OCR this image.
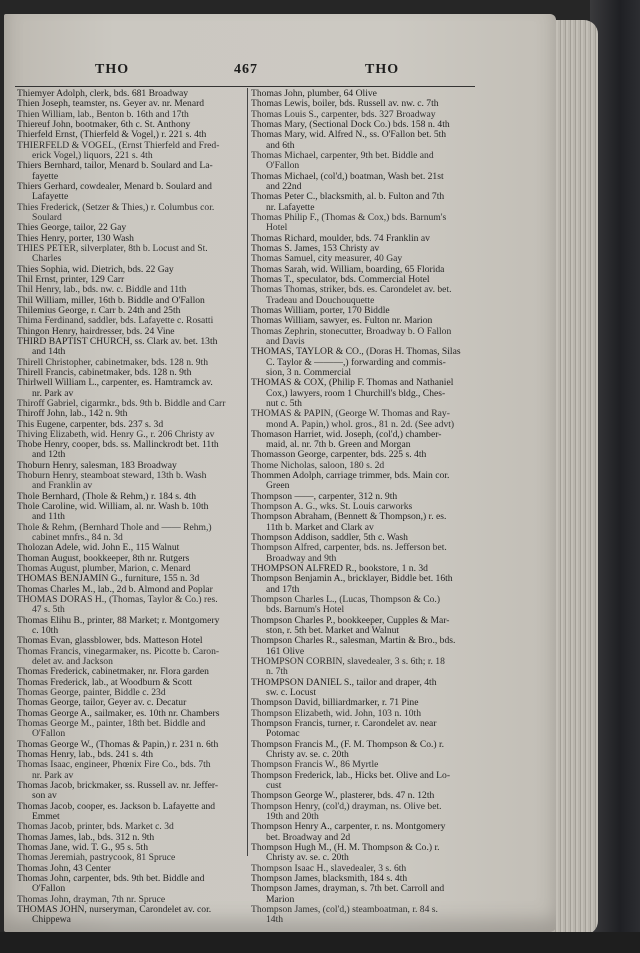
THO	467	THO
Thiemyer Adolph, clerk, bds. 681 Broadway
Thien Joseph, teamster, ns. Geyer av. nr. Menard
Thien William, lab., Benton b. 16th and 17th
Thiereuf John, bootmaker, 6th c. St. Anthony
Thierfeld Ernst, (Thierfeld & Vogel,) r. 221 s. 4th
THIERFELD & VOGEL, (Ernst Thierfeld and Fred-
erick Vogel,) liquors, 221 s. 4th
Thiers Bernhard, tailor, Menard b. Soulard and La-
fayette
Thiers Gerhard, cowdealer, Menard b. Soulard and
Lafayette
Thies Frederick, (Setzer & Thies,) r. Columbus cor.
Soulard
Thies George, tailor, 22 Gay
Thies Henry, porter, 130 Wash
THIES PETER, silverplater, 8th b. Locust and St.
Charles
Thies Sophia, wid. Dietrich, bds. 22 Gay
Thil Ernst, printer, 129 Carr
Thil Henry, lab., bds. nw. c. Biddle and 11th
Thil William, miller, 16th b. Biddle and O'Fallon
Thilemius George, r. Carr b. 24th and 25th
Thima Ferdinand, saddler, bds. Lafayette c. Rosatti
Thingon Henry, hairdresser, bds. 24 Vine
THIRD BAPTIST CHURCH, ss. Clark av. bet. 13th
and 14th
Thirell Christopher, cabinetmaker, bds. 128 n. 9th
Thirell Francis, cabinetmaker, bds. 128 n. 9th
Thirlwell William L., carpenter, es. Hamtramck av.
nr. Park av
Thiroff Gabriel, cigarmkr., bds. 9th b. Biddle and Carr
Thiroff John, lab., 142 n. 9th
This Eugene, carpenter, bds. 237 s. 3d
Thiving Elizabeth, wid. Henry G., r. 206 Christy av
Thobe Henry, cooper, bds. ss. Mallinckrodt bet. 11th
and 12th
Thoburn Henry, salesman, 183 Broadway
Thoburn Henry, steamboat steward, 13th b. Wash
and Franklin av
Thole Bernhard, (Thole & Rehm,) r. 184 s. 4th
Thole Caroline, wid. William, al. nr. Wash b. 10th
and 11th
Thole & Rehm, (Bernhard Thole and —— Rehm,)
cabinet mnfrs., 84 n. 3d
Tholozan Adele, wid. John E., 115 Walnut
Thoman August, bookkeeper, 8th nr. Rutgers
Thomas August, plumber, Marion, c. Menard
THOMAS BENJAMIN G., furniture, 155 n. 3d
Thomas Charles M., lab., 2d b. Almond and Poplar
THOMAS DORAS H., (Thomas, Taylor & Co.) res.
47 s. 5th
Thomas Elihu B., printer, 88 Market; r. Montgomery
c. 10th
Thomas Evan, glassblower, bds. Matteson Hotel
Thomas Francis, vinegarmaker, ns. Picotte b. Caron-
delet av. and Jackson
Thomas Frederick, cabinetmaker, nr. Flora garden
Thomas Frederick, lab., at Woodburn & Scott
Thomas George, painter, Biddle c. 23d
Thomas George, tailor, Geyer av. c. Decatur
Thomas George A., sailmaker, es. 10th nr. Chambers
Thomas George M., painter, 18th bet. Biddle and
O'Fallon
Thomas George W., (Thomas & Papin,) r. 231 n. 6th
Thomas Henry, lab., bds. 241 s. 4th
Thomas Isaac, engineer, Phœnix Fire Co., bds. 7th
nr. Park av
Thomas Jacob, brickmaker, ss. Russell av. nr. Jeffer-
son av
Thomas Jacob, cooper, es. Jackson b. Lafayette and
Emmet
Thomas Jacob, printer, bds. Market c. 3d
Thomas James, lab., bds. 312 n. 9th
Thomas Jane, wid. T. G., 95 s. 5th
Thomas Jeremiah, pastrycook, 81 Spruce
Thomas John, 43 Center
Thomas John, carpenter, bds. 9th bet. Biddle and
O'Fallon
Thomas John, drayman, 7th nr. Spruce
THOMAS JOHN, nurseryman, Carondelet av. cor.
Chippewa
Thomas John, plumber, 64 Olive
Thomas Lewis, boiler, bds. Russell av. nw. c. 7th
Thomas Louis S., carpenter, bds. 327 Broadway
Thomas Mary, (Sectional Dock Co.) bds. 158 n. 4th
Thomas Mary, wid. Alfred N., ss. O'Fallon bet. 5th
and 6th
Thomas Michael, carpenter, 9th bet. Biddle and
O'Fallon
Thomas Michael, (col'd,) boatman, Wash bet. 21st
and 22nd
Thomas Peter C., blacksmith, al. b. Fulton and 7th
nr. Lafayette
Thomas Philip F., (Thomas & Cox,) bds. Barnum's
Hotel
Thomas Richard, moulder, bds. 74 Franklin av
Thomas S. James, 153 Christy av
Thomas Samuel, city measurer, 40 Gay
Thomas Sarah, wid. William, boarding, 65 Florida
Thomas T., speculator, bds. Commercial Hotel
Thomas Thomas, striker, bds. es. Carondelet av. bet.
Tradeau and Douchouquette
Thomas William, porter, 170 Biddle
Thomas William, sawyer, es. Fulton nr. Marion
Thomas Zephrin, stonecutter, Broadway b. O Fallon
and Davis
THOMAS, TAYLOR & CO., (Doras H. Thomas, Silas
C. Taylor & ———,) forwarding and commis-
sion, 3 n. Commercial
THOMAS & COX, (Philip F. Thomas and Nathaniel
Cox,) lawyers, room 1 Churchill's bldg., Ches-
nut c. 5th
THOMAS & PAPIN, (George W. Thomas and Ray-
mond A. Papin,) whol. gros., 81 n. 2d. (See advt)
Thomason Harriet, wid. Joseph, (col'd,) chamber-
maid, al. nr. 7th b. Green and Morgan
Thomasson George, carpenter, bds. 225 s. 4th
Thome Nicholas, saloon, 180 s. 2d
Thommen Adolph, carriage trimmer, bds. Main cor.
Green
Thompson ——, carpenter, 312 n. 9th
Thompson A. G., wks. St. Louis carworks
Thompson Abraham, (Bennett & Thompson,) r. es.
11th b. Market and Clark av
Thompson Addison, saddler, 5th c. Wash
Thompson Alfred, carpenter, bds. ns. Jefferson bet.
Broadway and 9th
THOMPSON ALFRED R., bookstore, 1 n. 3d
Thompson Benjamin A., bricklayer, Biddle bet. 16th
and 17th
Thompson Charles L., (Lucas, Thompson & Co.)
bds. Barnum's Hotel
Thompson Charles P., bookkeeper, Cupples & Mar-
ston, r. 5th bet. Market and Walnut
Thompson Charles R., salesman, Martin & Bro., bds.
161 Olive
THOMPSON CORBIN, slavedealer, 3 s. 6th; r. 18
n. 7th
THOMPSON DANIEL S., tailor and draper, 4th
sw. c. Locust
Thompson David, billiardmarker, r. 71 Pine
Thompson Elizabeth, wid. John, 103 n. 10th
Thompson Francis, turner, r. Carondelet av. near
Potomac
Thompson Francis M., (F. M. Thompson & Co.) r.
Christy av. se. c. 20th
Thompson Francis W., 86 Myrtle
Thompson Frederick, lab., Hicks bet. Olive and Lo-
cust
Thompson George W., plasterer, bds. 47 n. 12th
Thompson Henry, (col'd,) drayman, ns. Olive bet.
19th and 20th
Thompson Henry A., carpenter, r. ns. Montgomery
bet. Broadway and 2d
Thompson Hugh M., (H. M. Thompson & Co.) r.
Christy av. se. c. 20th
Thompson Isaac H., slavedealer, 3 s. 6th
Thompson James, blacksmith, 184 s. 4th
Thompson James, drayman, s. 7th bet. Carroll and
Marion
Thompson James, (col'd,) steamboatman, r. 84 s.
14th
